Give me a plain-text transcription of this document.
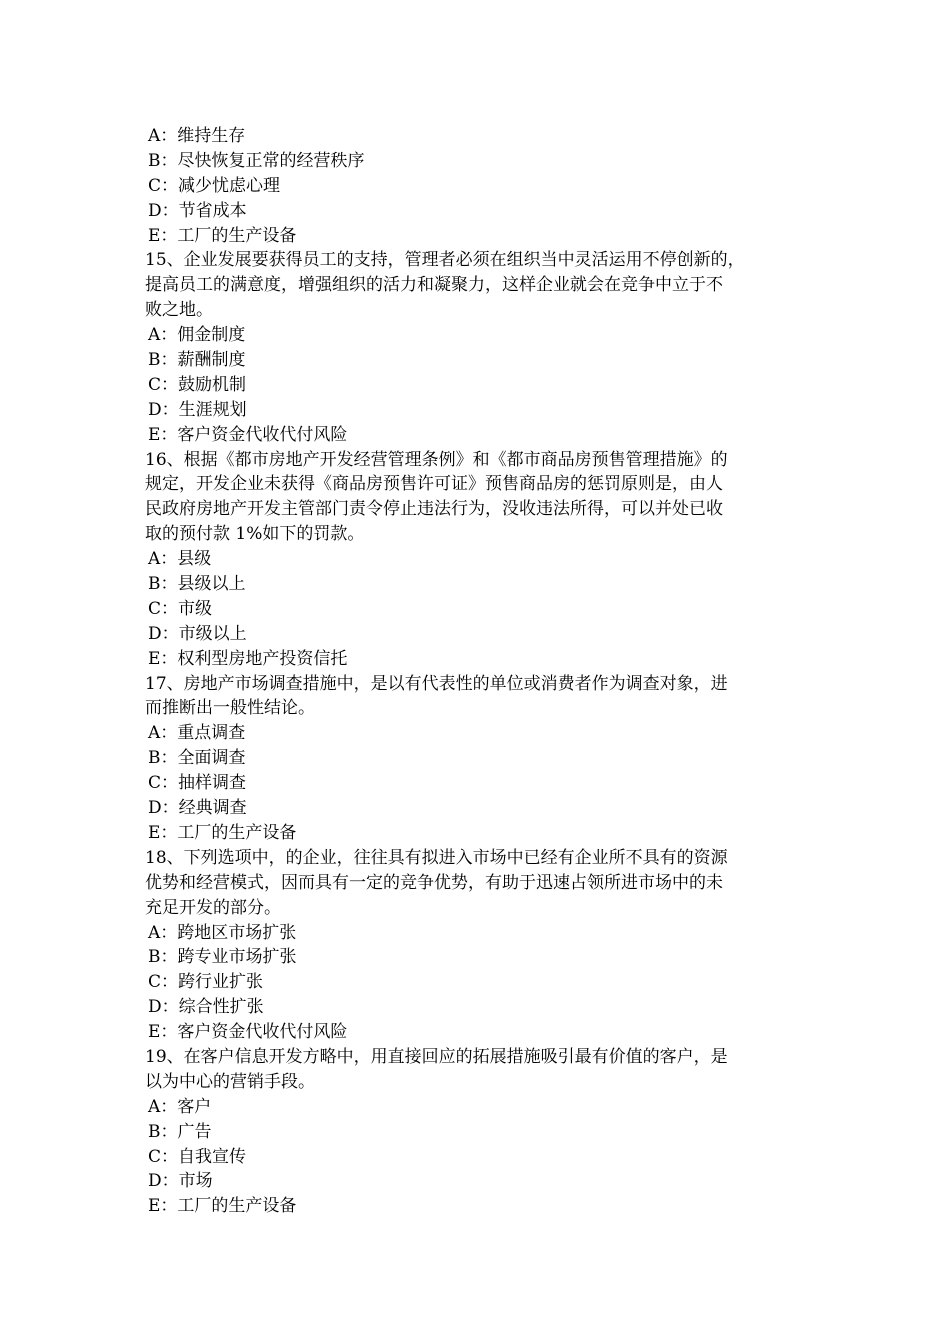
A：维持生存
B：尽快恢复正常的经营秩序
C：减少忧虑心理
D：节省成本
E：工厂的生产设备
15、企业发展要获得员工的支持，管理者必须在组织当中灵活运用不停创新的，
提高员工的满意度，增强组织的活力和凝聚力，这样企业就会在竞争中立于不
败之地。
A：佣金制度
B：薪酬制度
C：鼓励机制
D：生涯规划
E：客户资金代收代付风险
16、根据《都市房地产开发经营管理条例》和《都市商品房预售管理措施》的
规定，开发企业未获得《商品房预售许可证》预售商品房的惩罚原则是，由人
民政府房地产开发主管部门责令停止违法行为，没收违法所得，可以并处已收
取的预付款 1%如下的罚款。
A：县级
B：县级以上
C：市级
D：市级以上
E：权利型房地产投资信托
17、房地产市场调查措施中，是以有代表性的单位或消费者作为调查对象，进
而推断出一般性结论。
A：重点调查
B：全面调查
C：抽样调查
D：经典调查
E：工厂的生产设备
18、下列选项中，的企业，往往具有拟进入市场中已经有企业所不具有的资源
优势和经营模式，因而具有一定的竞争优势，有助于迅速占领所进市场中的未
充足开发的部分。
A：跨地区市场扩张
B：跨专业市场扩张
C：跨行业扩张
D：综合性扩张
E：客户资金代收代付风险
19、在客户信息开发方略中，用直接回应的拓展措施吸引最有价值的客户，是
以为中心的营销手段。
A：客户
B：广告
C：自我宣传
D：市场
E：工厂的生产设备
